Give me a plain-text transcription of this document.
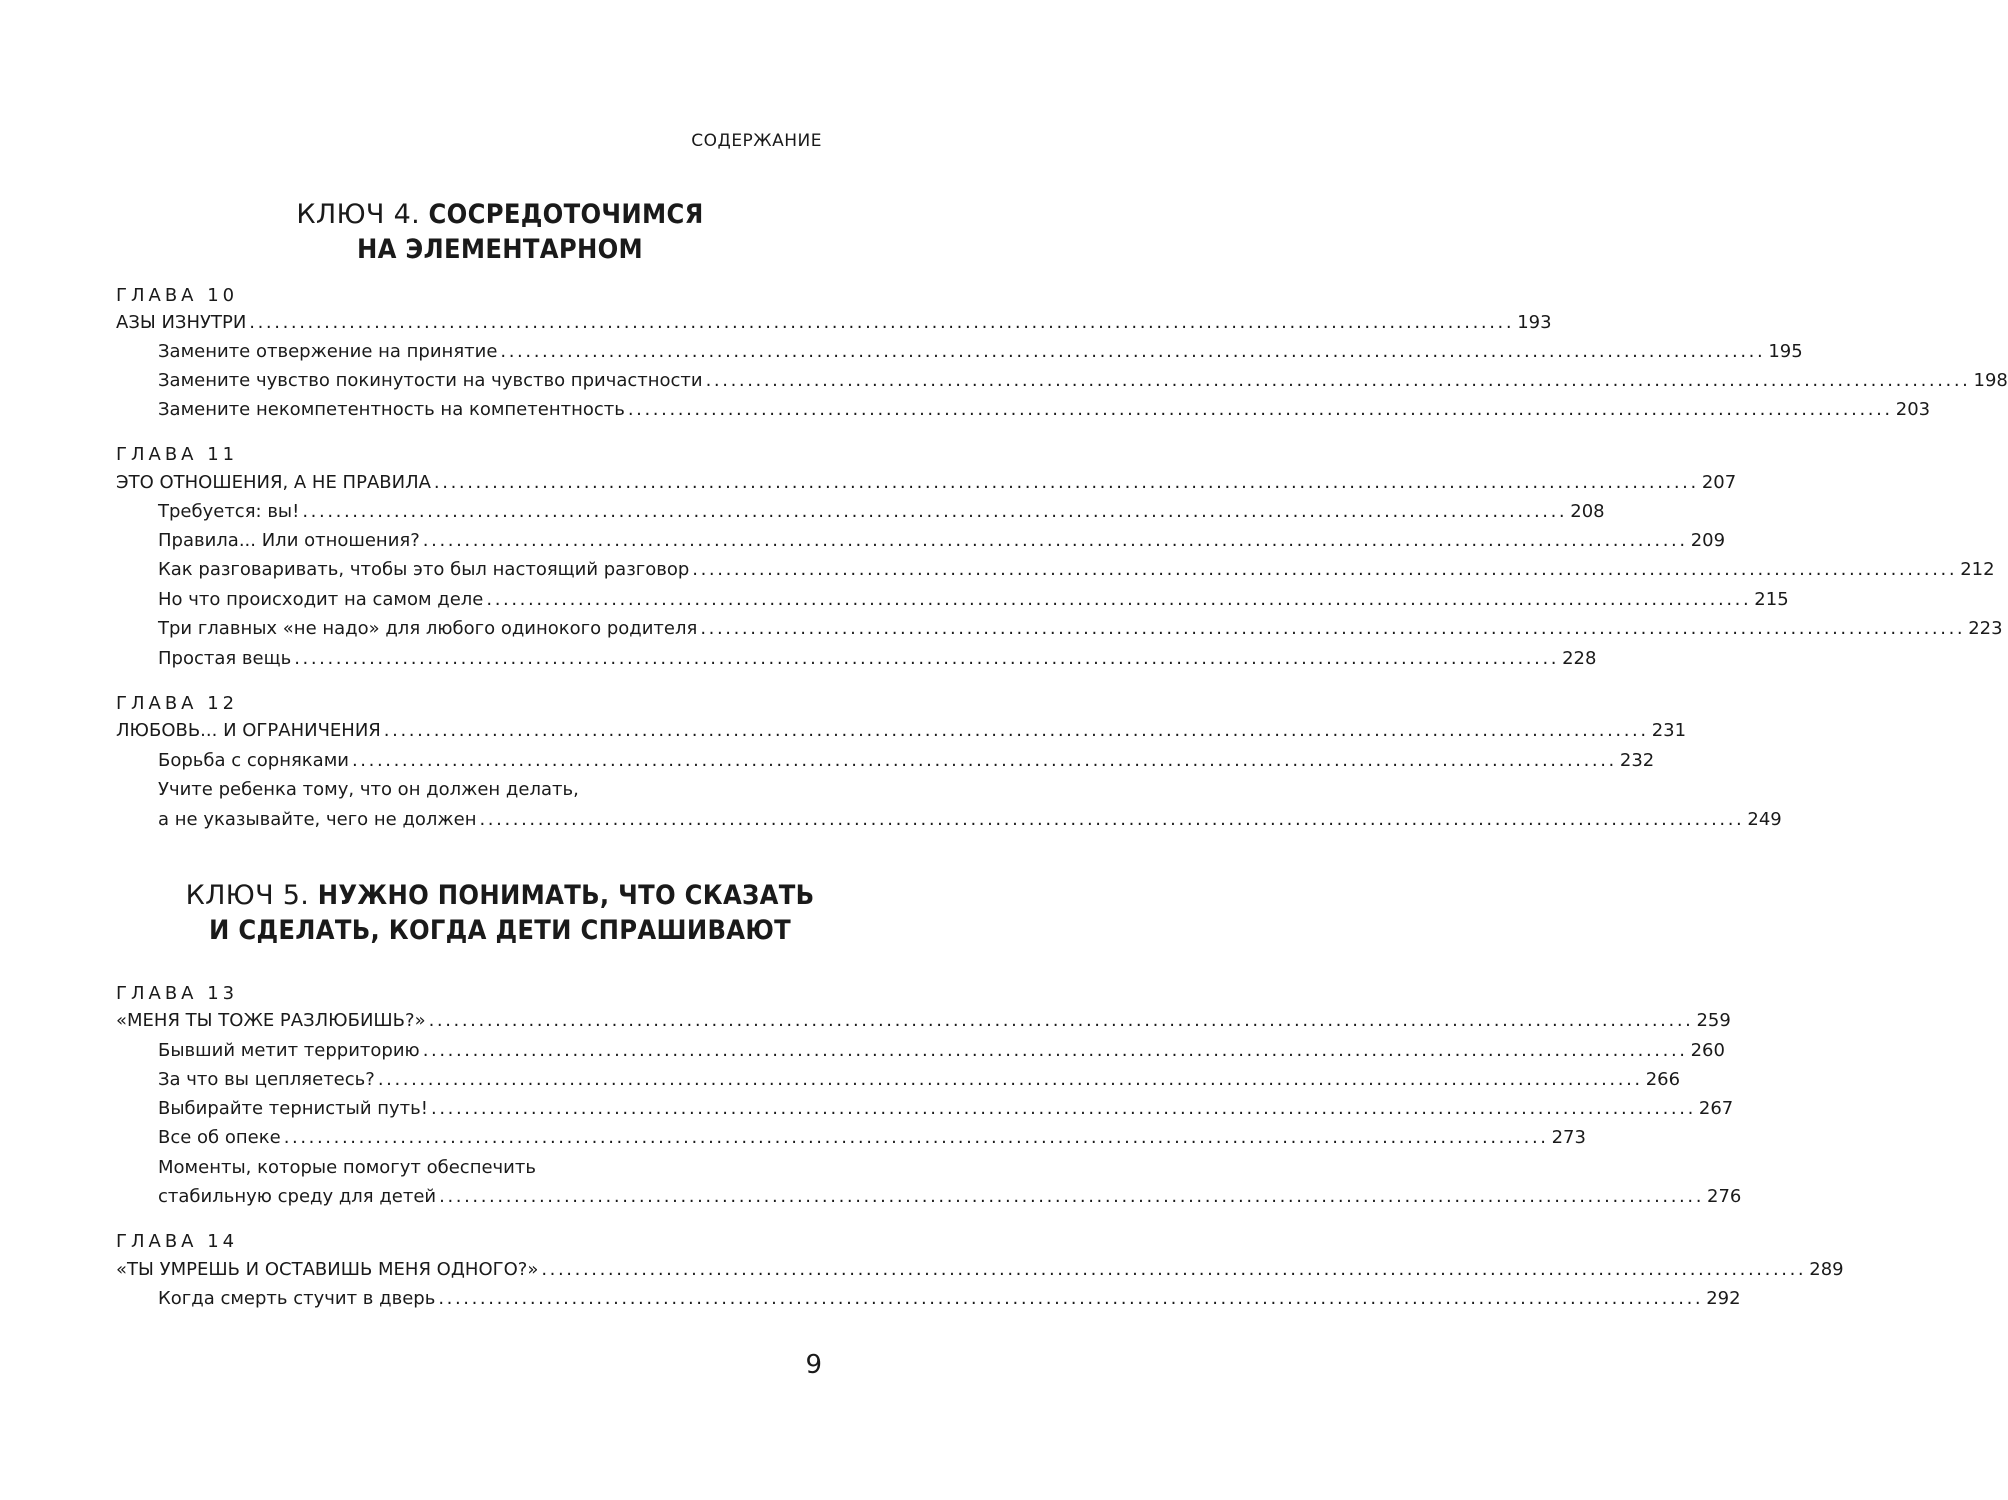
СОДЕРЖАНИЕ
КЛЮЧ 4. СОСРЕДОТОЧИМСЯ
НА ЭЛЕМЕНТАРНОМ
ГЛАВА 10
АЗЫ ИЗНУТРИ ........................................................................................................................................................ 193
Замените отвержение на принятие ........................................................................................................................................................ 195
Замените чувство покинутости на чувство причастности ........................................................................................................................................................ 198
Замените некомпетентность на компетентность ........................................................................................................................................................ 203
ГЛАВА 11
ЭТО ОТНОШЕНИЯ, А НЕ ПРАВИЛА ........................................................................................................................................................ 207
Требуется: вы! ........................................................................................................................................................ 208
Правила... Или отношения? ........................................................................................................................................................ 209
Как разговаривать, чтобы это был настоящий разговор ........................................................................................................................................................ 212
Но что происходит на самом деле ........................................................................................................................................................ 215
Три главных «не надо» для любого одинокого родителя ........................................................................................................................................................ 223
Простая вещь ........................................................................................................................................................ 228
ГЛАВА 12
ЛЮБОВЬ... И ОГРАНИЧЕНИЯ ........................................................................................................................................................ 231
Борьба с сорняками ........................................................................................................................................................ 232
Учите ребенка тому, что он должен делать,
а не указывайте, чего не должен ........................................................................................................................................................ 249
КЛЮЧ 5. НУЖНО ПОНИМАТЬ, ЧТО СКАЗАТЬ
И СДЕЛАТЬ, КОГДА ДЕТИ СПРАШИВАЮТ
ГЛАВА 13
«МЕНЯ ТЫ ТОЖЕ РАЗЛЮБИШЬ?» ........................................................................................................................................................ 259
Бывший метит территорию ........................................................................................................................................................ 260
За что вы цепляетесь? ........................................................................................................................................................ 266
Выбирайте тернистый путь! ........................................................................................................................................................ 267
Все об опеке ........................................................................................................................................................ 273
Моменты, которые помогут обеспечить
стабильную среду для детей ........................................................................................................................................................ 276
ГЛАВА 14
«ТЫ УМРЕШЬ И ОСТАВИШЬ МЕНЯ ОДНОГО?» ........................................................................................................................................................ 289
Когда смерть стучит в дверь ........................................................................................................................................................ 292
9
